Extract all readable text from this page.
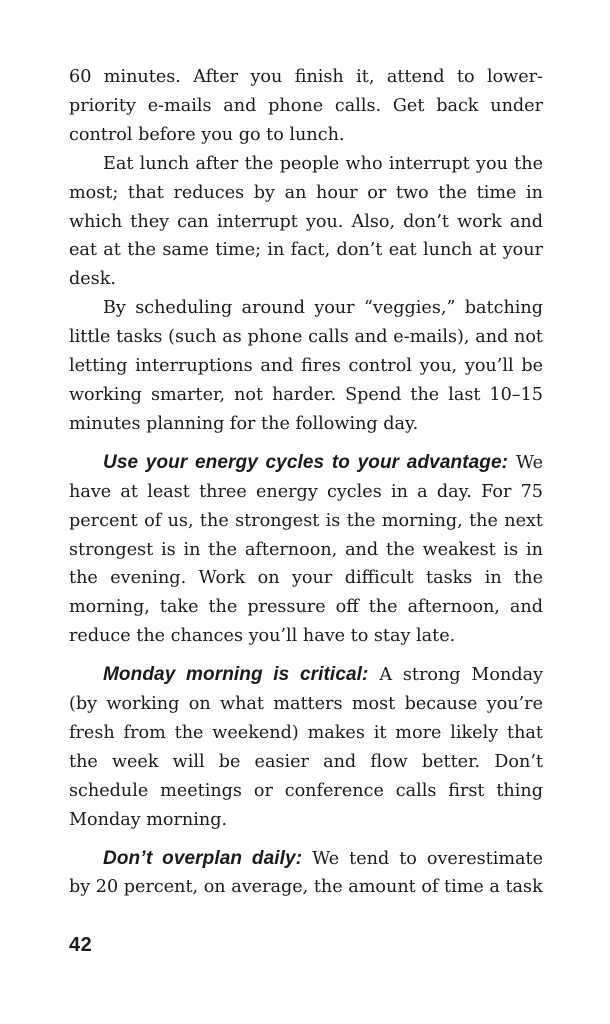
60 minutes. After you finish it, attend to lower-priority e-mails and phone calls. Get back under control before you go to lunch.

Eat lunch after the people who interrupt you the most; that reduces by an hour or two the time in which they can interrupt you. Also, don’t work and eat at the same time; in fact, don’t eat lunch at your desk.

By scheduling around your “veggies,” batching little tasks (such as phone calls and e-mails), and not letting interruptions and fires control you, you’ll be working smarter, not harder. Spend the last 10–15 minutes planning for the following day.

Use your energy cycles to your advantage: We have at least three energy cycles in a day. For 75 percent of us, the strongest is the morning, the next strongest is in the afternoon, and the weakest is in the evening. Work on your difficult tasks in the morning, take the pressure off the afternoon, and reduce the chances you’ll have to stay late.

Monday morning is critical: A strong Monday (by working on what matters most because you’re fresh from the weekend) makes it more likely that the week will be easier and flow better. Don’t schedule meetings or conference calls first thing Monday morning.

Don’t overplan daily: We tend to overestimate by 20 percent, on average, the amount of time a task

42
